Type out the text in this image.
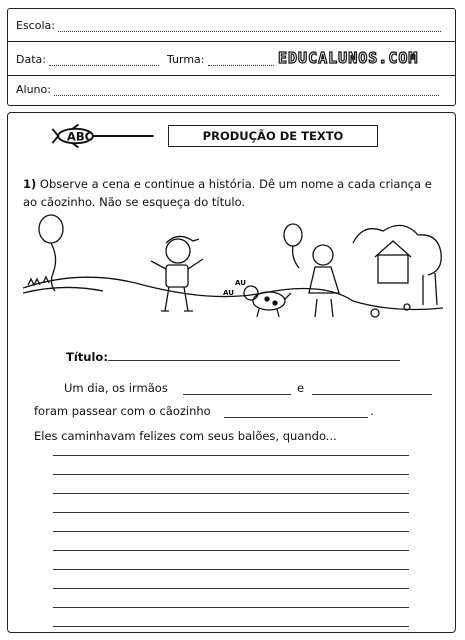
Escola:
Data:	Turma:	EDUCALUNOS.COM
Aluno:
ABC	PRODUÇÃO DE TEXTO
1) Observe a cena e continue a história. Dê um nome a cada criança e ao cãozinho. Não se esqueça do título.
AU
AU
Título:
Um dia, os irmãos	e
foram passear com o cãozinho	.
Eles caminhavam felizes com seus balões, quando...
